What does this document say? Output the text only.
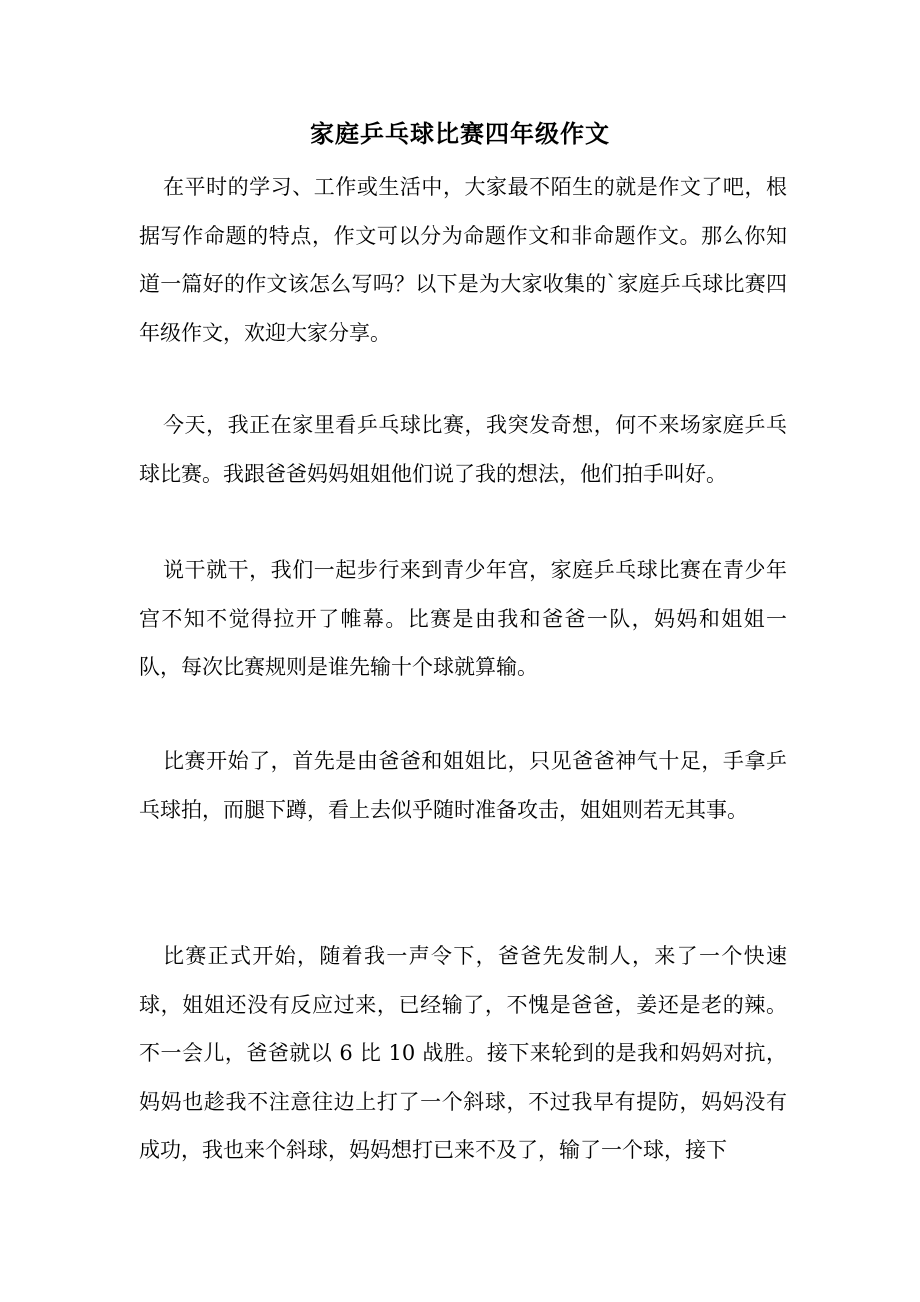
家庭乒乓球比赛四年级作文

在平时的学习、工作或生活中，大家最不陌生的就是作文了吧，根据写作命题的特点，作文可以分为命题作文和非命题作文。那么你知道一篇好的作文该怎么写吗？以下是为大家收集的`家庭乒乓球比赛四年级作文，欢迎大家分享。

今天，我正在家里看乒乓球比赛，我突发奇想，何不来场家庭乒乓球比赛。我跟爸爸妈妈姐姐他们说了我的想法，他们拍手叫好。

说干就干，我们一起步行来到青少年宫，家庭乒乓球比赛在青少年宫不知不觉得拉开了帷幕。比赛是由我和爸爸一队，妈妈和姐姐一队，每次比赛规则是谁先输十个球就算输。

比赛开始了，首先是由爸爸和姐姐比，只见爸爸神气十足，手拿乒乓球拍，而腿下蹲，看上去似乎随时准备攻击，姐姐则若无其事。

比赛正式开始，随着我一声令下，爸爸先发制人，来了一个快速球，姐姐还没有反应过来，已经输了，不愧是爸爸，姜还是老的辣。不一会儿，爸爸就以 6 比 10 战胜。接下来轮到的是我和妈妈对抗，妈妈也趁我不注意往边上打了一个斜球，不过我早有提防，妈妈没有成功，我也来个斜球，妈妈想打已来不及了，输了一个球，接下
